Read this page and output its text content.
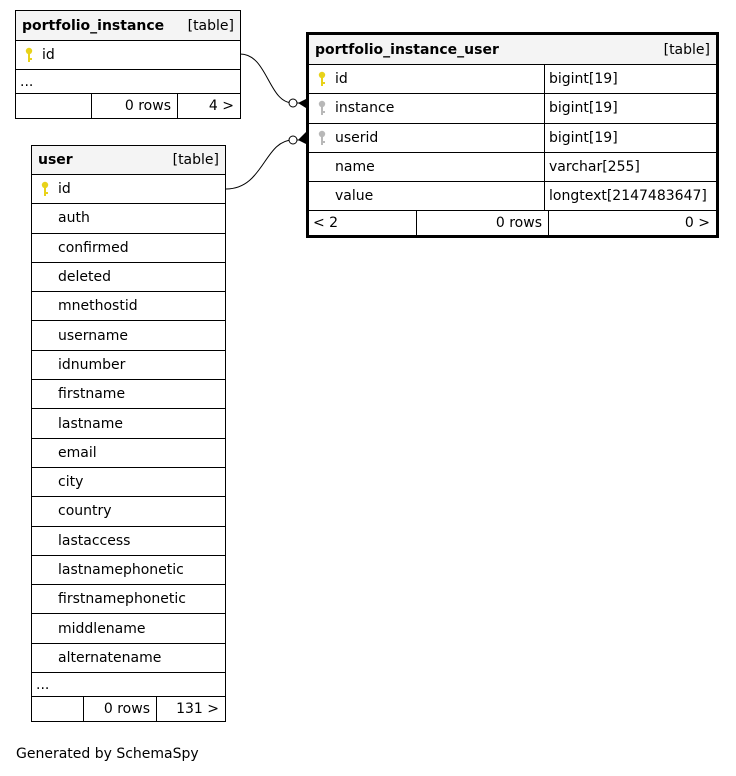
portfolio_instance [table]
id
...
0 rows	4 >
user	[table]
id
auth
confirmed
deleted
mnethostid
username
idnumber
firstname
lastname
email
city
country
lastaccess
lastnamephonetic
firstnamephonetic
middlename
alternatename
...
0 rows	131 >
portfolio_instance_user	[table]
id	bigint[19]
instance	bigint[19]
userid	bigint[19]
name	varchar[255]
value	longtext[2147483647]
< 2	0 rows	0 >
Generated by SchemaSpy
